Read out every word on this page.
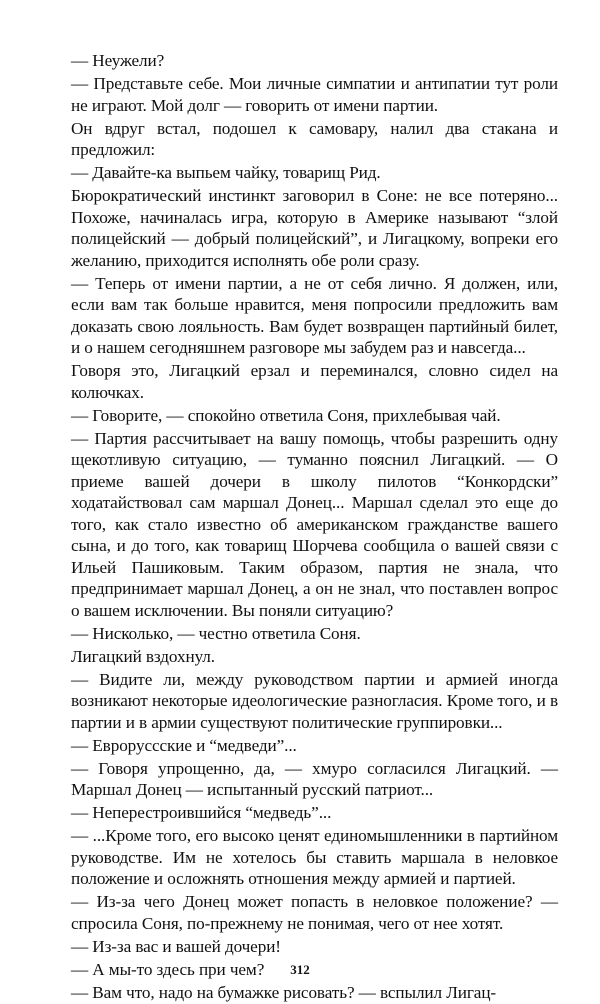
— Неужели?

— Представьте себе. Мои личные симпатии и антипатии тут роли не играют. Мой долг — говорить от имени партии.

Он вдруг встал, подошел к самовару, налил два стакана и предложил:

— Давайте-ка выпьем чайку, товарищ Рид.

Бюрократический инстинкт заговорил в Соне: не все потеряно... Похоже, начиналась игра, которую в Америке называют “злой полицейский — добрый полицейский”, и Лигацкому, вопреки его желанию, приходится исполнять обе роли сразу.

— Теперь от имени партии, а не от себя лично. Я должен, или, если вам так больше нравится, меня попросили предложить вам доказать свою лояльность. Вам будет возвращен партийный билет, и о нашем сегодняшнем разговоре мы забудем раз и навсегда...

Говоря это, Лигацкий ерзал и переминался, словно сидел на колючках.

— Говорите, — спокойно ответила Соня, прихлебывая чай.

— Партия рассчитывает на вашу помощь, чтобы разрешить одну щекотливую ситуацию, — туманно пояснил Лигацкий. — О приеме вашей дочери в школу пилотов “Конкордски” ходатайствовал сам маршал Донец... Маршал сделал это еще до того, как стало известно об американском гражданстве вашего сына, и до того, как товарищ Шорчева сообщила о вашей связи с Ильей Пашиковым. Таким образом, партия не знала, что предпринимает маршал Донец, а он не знал, что поставлен вопрос о вашем исключении. Вы поняли ситуацию?

— Нисколько, — честно ответила Соня.

Лигацкий вздохнул.

— Видите ли, между руководством партии и армией иногда возникают некоторые идеологические разногласия. Кроме того, и в партии и в армии существуют политические группировки...

— Евроруссские и “медведи”...

— Говоря упрощенно, да, — хмуро согласился Лигацкий. — Маршал Донец — испытанный русский патриот...

— Неперестроившийся “медведь”...

— ...Кроме того, его высоко ценят единомышленники в партийном руководстве. Им не хотелось бы ставить маршала в неловкое положение и осложнять отношения между армией и партией.

— Из-за чего Донец может попасть в неловкое положение? — спросила Соня, по-прежнему не понимая, чего от нее хотят.

— Из-за вас и вашей дочери!

— А мы-то здесь при чем?

— Вам что, надо на бумажке рисовать? — вспылил Лигац-

312
